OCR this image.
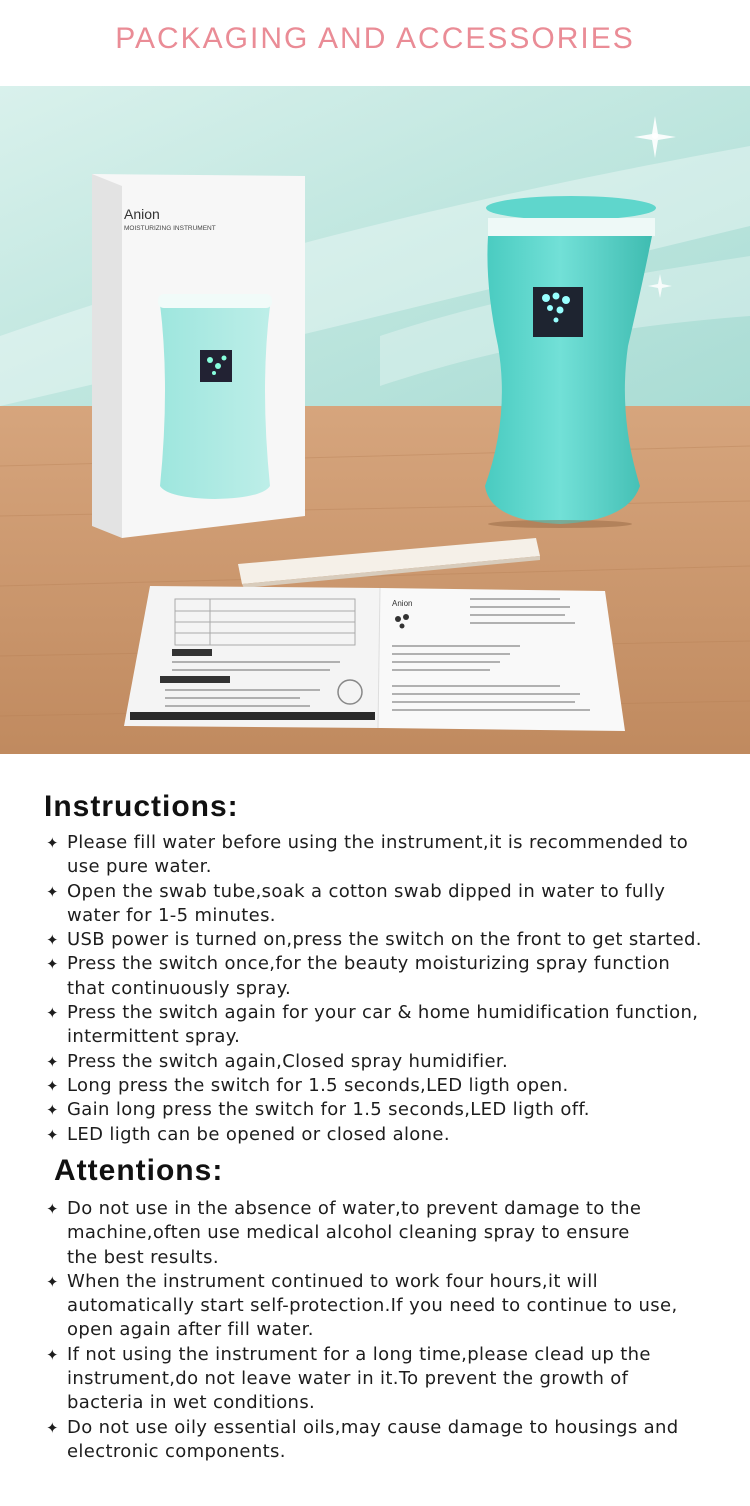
PACKAGING AND ACCESSORIES
Anion
MOISTURIZING INSTRUMENT
Anion
Instructions:
✦ Please fill water before using the instrument,it is recommended to
use pure water.
✦ Open the swab tube,soak a cotton swab dipped in water to fully
water for 1-5 minutes.
✦ USB power is turned on,press the switch on the front to get started.
✦ Press the switch once,for the beauty moisturizing spray function
that continuously spray.
✦ Press the switch again for your car & home humidification function,
intermittent spray.
✦ Press the switch again,Closed spray humidifier.
✦ Long press the switch for 1.5 seconds,LED ligth open.
✦ Gain long press the switch for 1.5 seconds,LED ligth off.
✦ LED ligth can be opened or closed alone.
Attentions:
✦ Do not use in the absence of water,to prevent damage to the
machine,often use medical alcohol cleaning spray to ensure
the best results.
✦ When the instrument continued to work four hours,it will
automatically start self-protection.If you need to continue to use,
open again after fill water.
✦ If not using the instrument for a long time,please clead up the
instrument,do not leave water in it.To prevent the growth of
bacteria in wet conditions.
✦ Do not use oily essential oils,may cause damage to housings and
electronic components.
